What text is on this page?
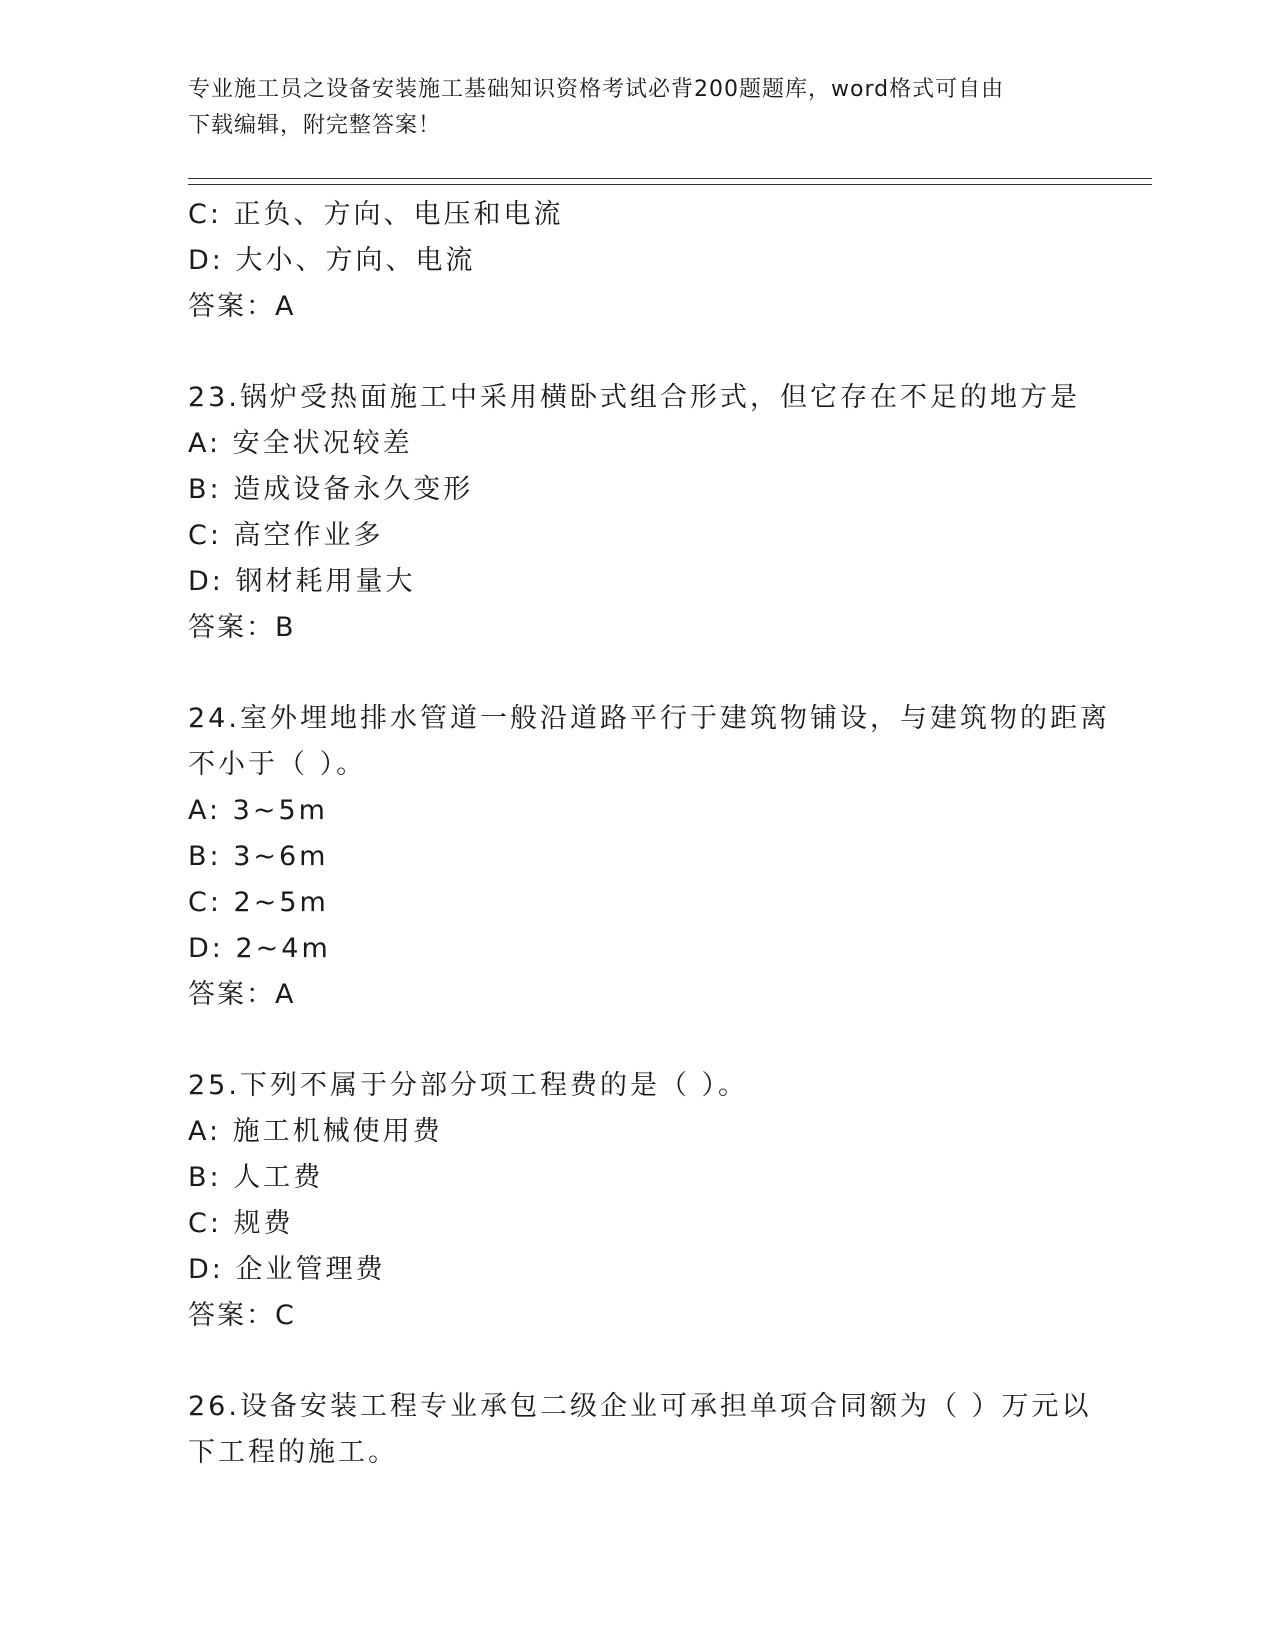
专业施工员之设备安装施工基础知识资格考试必背200题题库，word格式可自由
下载编辑，附完整答案！
C: 正负、方向、电压和电流
D: 大小、方向、电流
答案：A
23.锅炉受热面施工中采用横卧式组合形式，但它存在不足的地方是
A: 安全状况较差
B: 造成设备永久变形
C: 高空作业多
D: 钢材耗用量大
答案：B
24.室外埋地排水管道一般沿道路平行于建筑物铺设，与建筑物的距离
不小于（ ）。
A: 3~5m
B: 3~6m
C: 2~5m
D: 2~4m
答案：A
25.下列不属于分部分项工程费的是（ ）。
A: 施工机械使用费
B: 人工费
C: 规费
D: 企业管理费
答案：C
26.设备安装工程专业承包二级企业可承担单项合同额为（ ）万元以
下工程的施工。
